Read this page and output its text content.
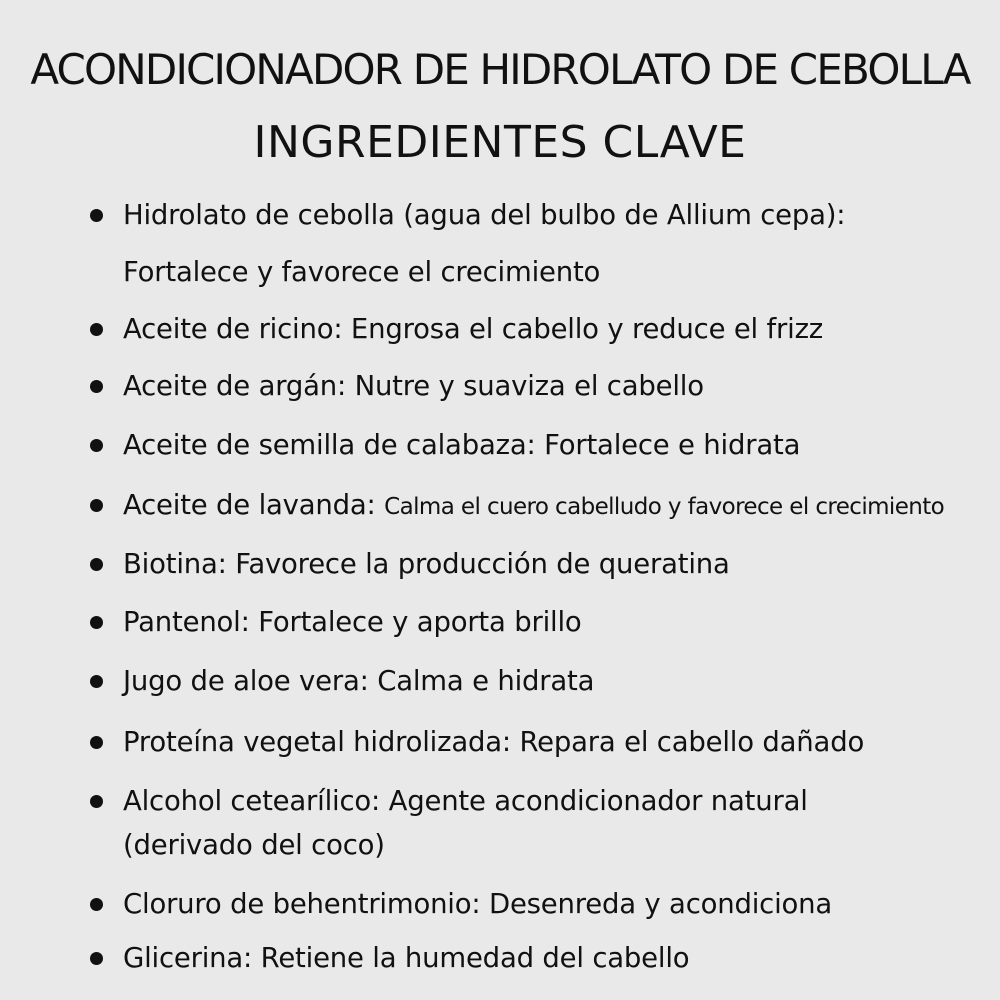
ACONDICIONADOR DE HIDROLATO DE CEBOLLA
INGREDIENTES CLAVE
Hidrolato de cebolla (agua del bulbo de Allium cepa):
Fortalece y favorece el crecimiento
Aceite de ricino: Engrosa el cabello y reduce el frizz
Aceite de argán: Nutre y suaviza el cabello
Aceite de semilla de calabaza: Fortalece e hidrata
Aceite de lavanda: Calma el cuero cabelludo y favorece el crecimiento
Biotina: Favorece la producción de queratina
Pantenol: Fortalece y aporta brillo
Jugo de aloe vera: Calma e hidrata
Proteína vegetal hidrolizada: Repara el cabello dañado
Alcohol cetearílico: Agente acondicionador natural
(derivado del coco)
Cloruro de behentrimonio: Desenreda y acondiciona
Glicerina: Retiene la humedad del cabello
